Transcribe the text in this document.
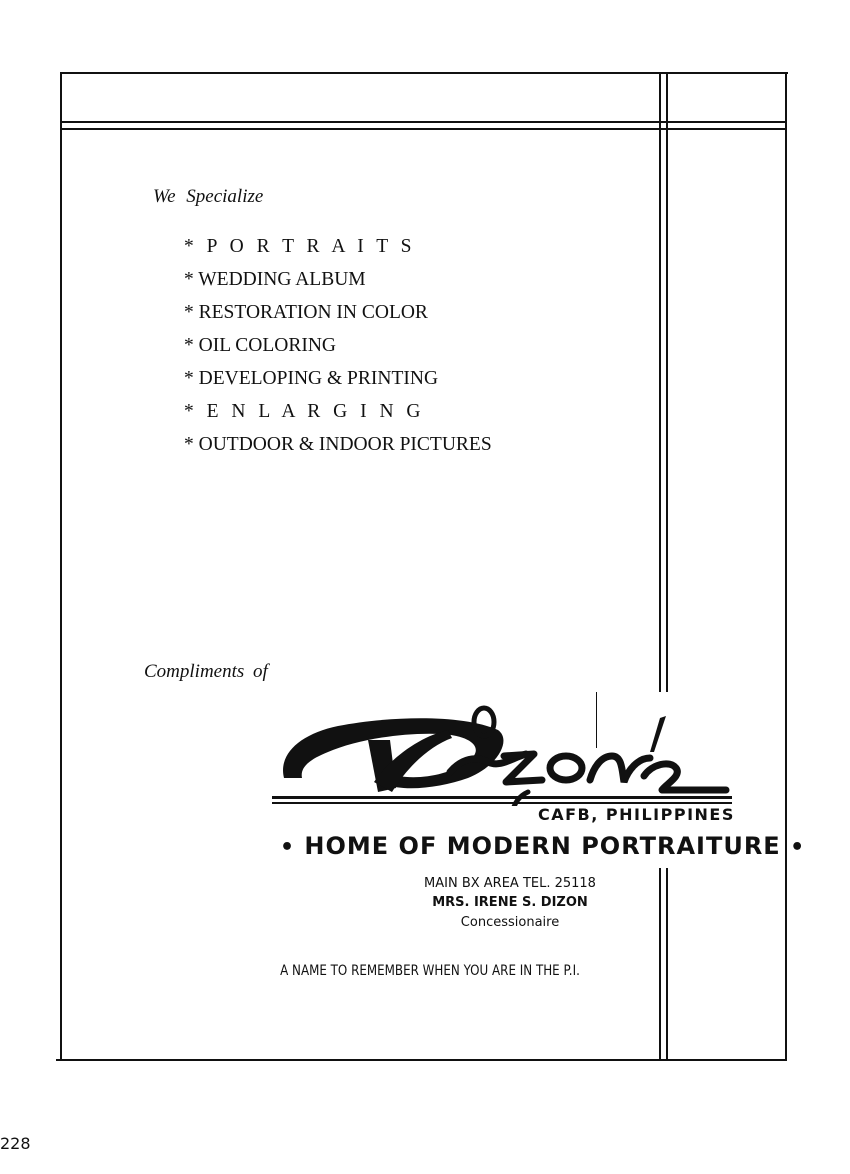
We Specialize
* P O R T R A I T S
* WEDDING ALBUM
* RESTORATION IN COLOR
* OIL COLORING
* DEVELOPING & PRINTING
* E N L A R G I N G
* OUTDOOR & INDOOR PICTURES
Compliments of
CAFB, PHILIPPINES
• HOME OF MODERN PORTRAITURE •
MAIN BX AREA TEL. 25118
MRS. IRENE S. DIZON
Concessionaire
A NAME TO REMEMBER WHEN YOU ARE IN THE P.I.
228
